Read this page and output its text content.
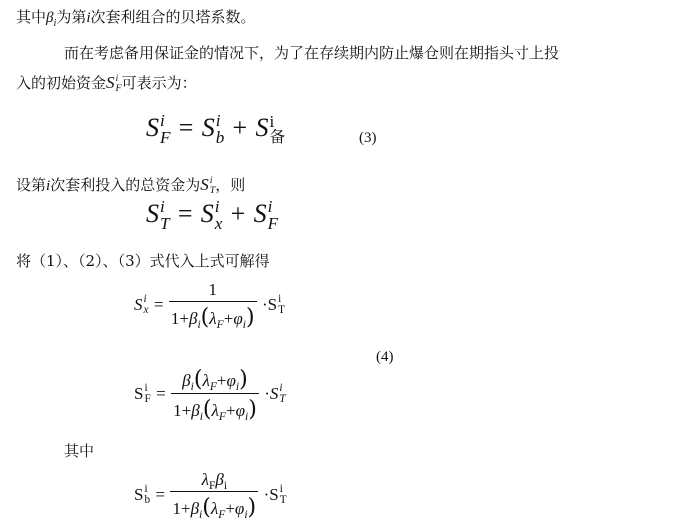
其中$\beta_i$为第i次套利组合的贝塔系数。
而在考虑备用保证金的情况下，为了在存续期内防止爆仓则在期指头寸上投
入的初始资金S i
F 可表示为：
S i
F = S i
b + S i
备	(3)
设第i次套利投入的总资金为S i
T ，则
S i
T = S i
x + S i
F
将（1）、（2）、（3）式代入上式可解得
S i
$x = \frac{1}{1+\beta_i(\lambda_F+\varphi_i)} \cdot S$ i
T
(4)
S i
$F = \frac{\beta_i(\lambda_F+\varphi_i)}{1+\beta_i(\lambda_F+\varphi_i)} \cdot S$ i
T
其中
S i
$b = \frac{\lambda_F\beta_i}{1+\beta_i(\lambda_F+\varphi_i)} \cdot S$ i
T
